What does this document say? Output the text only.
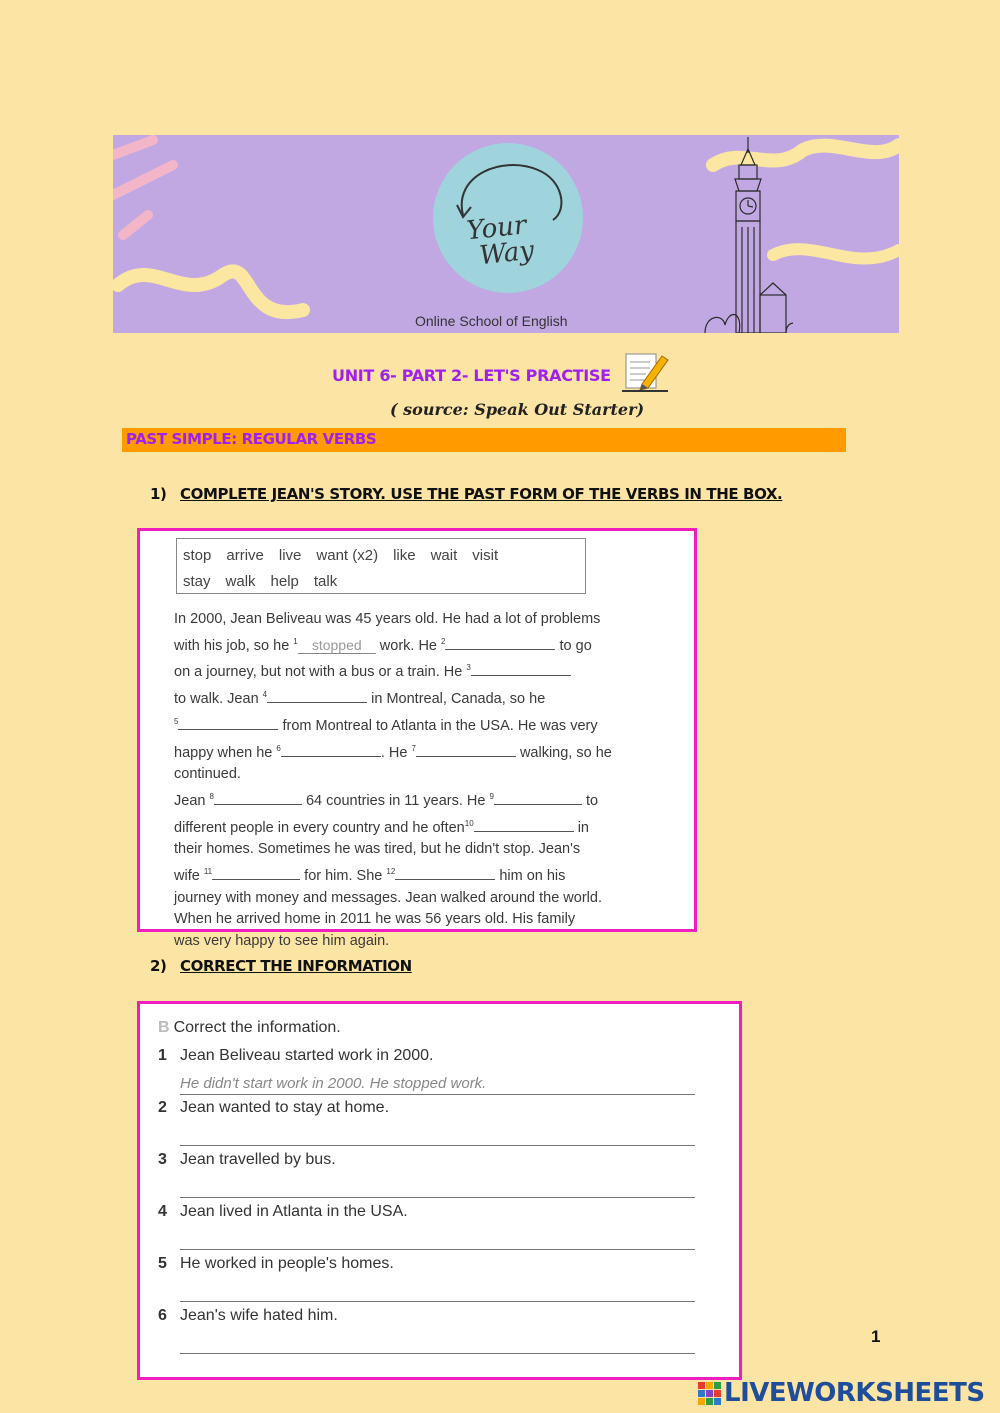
Your
Way
Online School of English
UNIT 6- PART 2- LET'S PRACTISE
( source: Speak Out Starter)
PAST SIMPLE: REGULAR VERBS
1) COMPLETE JEAN'S STORY. USE THE PAST FORM OF THE VERBS IN THE BOX.
stop arrive live want (x2) like wait visit
stay walk help talk
In 2000, Jean Beliveau was 45 years old. He had a lot of problems
with his job, so he $^1$ stopped work. He $^2$	to go
on a journey, but not with a bus or a train. He $^3$
to walk. Jean $^4$	in Montreal, Canada, so he
$^5$	from Montreal to Atlanta in the USA. He was very
happy when he $^6$	. He $^7$	walking, so he
continued.
Jean $^8$	64 countries in 11 years. He $^9$	to
different people in every country and he often$^{10}$	in
their homes. Sometimes he was tired, but he didn't stop. Jean's
wife $^{11}$	for him. She $^{12}$	him on his
journey with money and messages. Jean walked around the world.
When he arrived home in 2011 he was 56 years old. His family
was very happy to see him again.
2) CORRECT THE INFORMATION
B Correct the information.
1 Jean Beliveau started work in 2000.
He didn't start work in 2000. He stopped work.
2 Jean wanted to stay at home.
3 Jean travelled by bus.
4 Jean lived in Atlanta in the USA.
5 He worked in people's homes.
6 Jean's wife hated him.
1
LIVEWORKSHEETS
